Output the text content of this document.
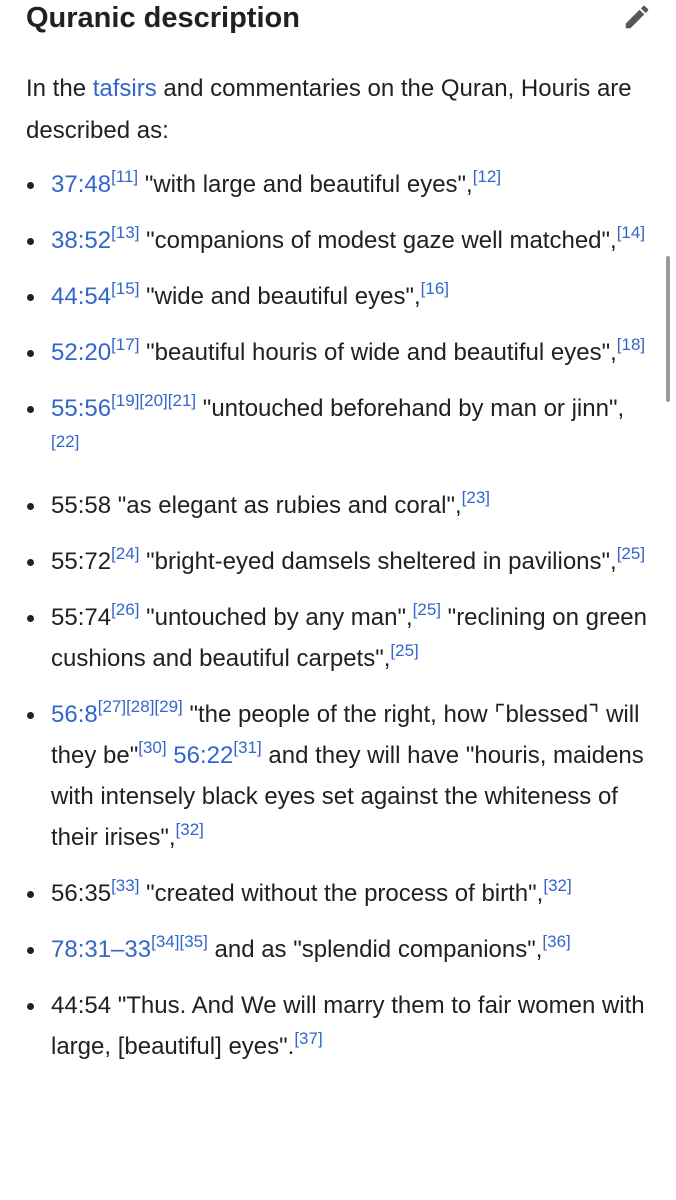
Quranic description

In the tafsirs and commentaries on the Quran, Houris are described as:

37:48[11] "with large and beautiful eyes",[12]
38:52[13] "companions of modest gaze well matched",[14]
44:54[15] "wide and beautiful eyes",[16]
52:20[17] "beautiful houris of wide and beautiful eyes",[18]
55:56[19][20][21] "untouched beforehand by man or jinn",[22]
55:58 "as elegant as rubies and coral",[23]
55:72[24] "bright-eyed damsels sheltered in pavilions",[25]
55:74[26] "untouched by any man",[25] "reclining on green cushions and beautiful carpets",[25]
56:8[27][28][29] "the people of the right, how ⌜blessed⌝ will they be"[30] 56:22[31] and they will have "houris, maidens with intensely black eyes set against the whiteness of their irises",[32]
56:35[33] "created without the process of birth",[32]
78:31–33[34][35] and as "splendid companions",[36]
44:54 "Thus. And We will marry them to fair women with large, [beautiful] eyes".[37]
